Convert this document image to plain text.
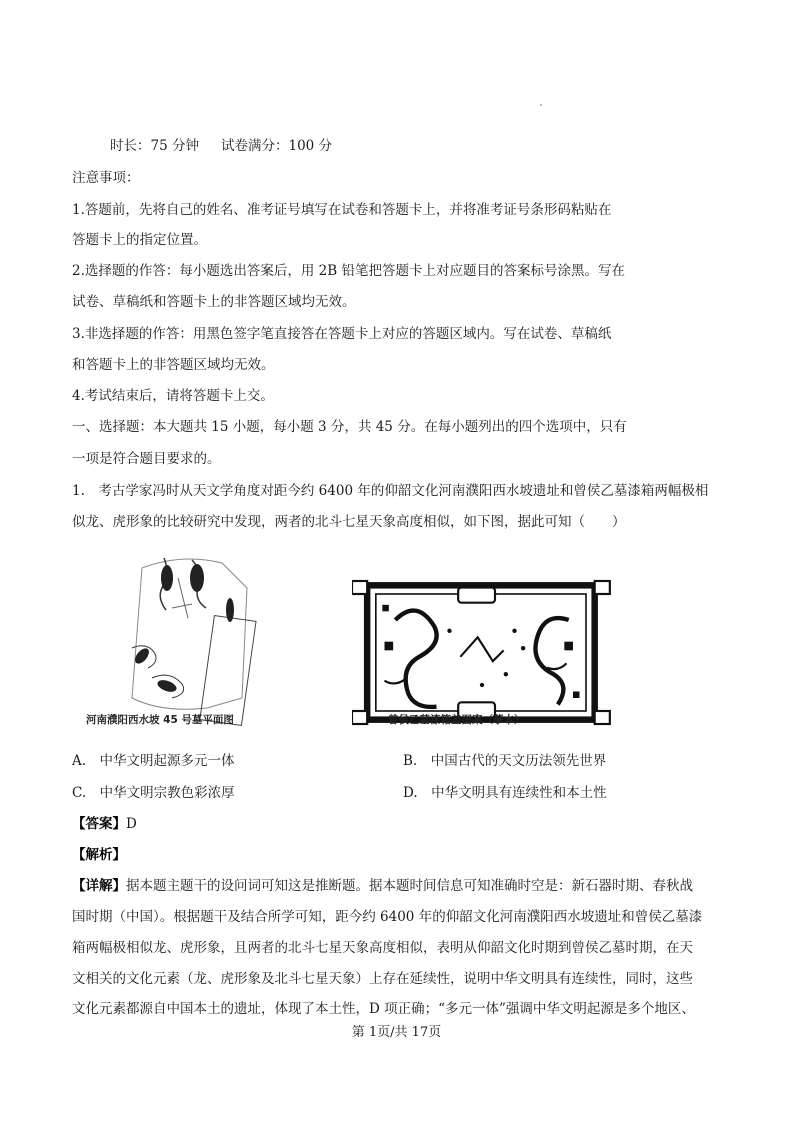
时长：75 分钟 试卷满分：100 分
注意事项：
1.答题前，先将自己的姓名、准考证号填写在试卷和答题卡上，并将准考证号条形码粘贴在
答题卡上的指定位置。
2.选择题的作答：每小题选出答案后，用 2B 铅笔把答题卡上对应题目的答案标号涂黑。写在
试卷、草稿纸和答题卡上的非答题区域均无效。
3.非选择题的作答：用黑色签字笔直接答在答题卡上对应的答题区域内。写在试卷、草稿纸
和答题卡上的非答题区域均无效。
4.考试结束后，请将答题卡上交。
一、选择题：本大题共 15 小题，每小题 3 分，共 45 分。在每小题列出的四个选项中，只有
一项是符合题目要求的。
1.　考古学家冯时从天文学角度对距今约 6400 年的仰韶文化河南濮阳西水坡遗址和曾侯乙墓漆箱两幅极相
似龙、虎形象的比较研究中发现，两者的北斗七星天象高度相似，如下图，据此可知（　　）
河南濮阳西水坡 45 号墓平面图	曾侯乙墓漆箱盖图案（摹本）
A.　中华文明起源多元一体	B.　中国古代的天文历法领先世界
C.　中华文明宗教色彩浓厚	D.　中华文明具有连续性和本土性
【答案】D
【解析】
【详解】据本题主题干的设问词可知这是推断题。据本题时间信息可知准确时空是：新石器时期、春秋战
国时期（中国）。根据题干及结合所学可知，距今约 6400 年的仰韶文化河南濮阳西水坡遗址和曾侯乙墓漆
箱两幅极相似龙、虎形象，且两者的北斗七星天象高度相似，表明从仰韶文化时期到曾侯乙墓时期，在天
文相关的文化元素（龙、虎形象及北斗七星天象）上存在延续性，说明中华文明具有连续性，同时，这些
文化元素都源自中国本土的遗址，体现了本土性，D 项正确；“多元一体”强调中华文明起源是多个地区、
第 1页/共 17页
